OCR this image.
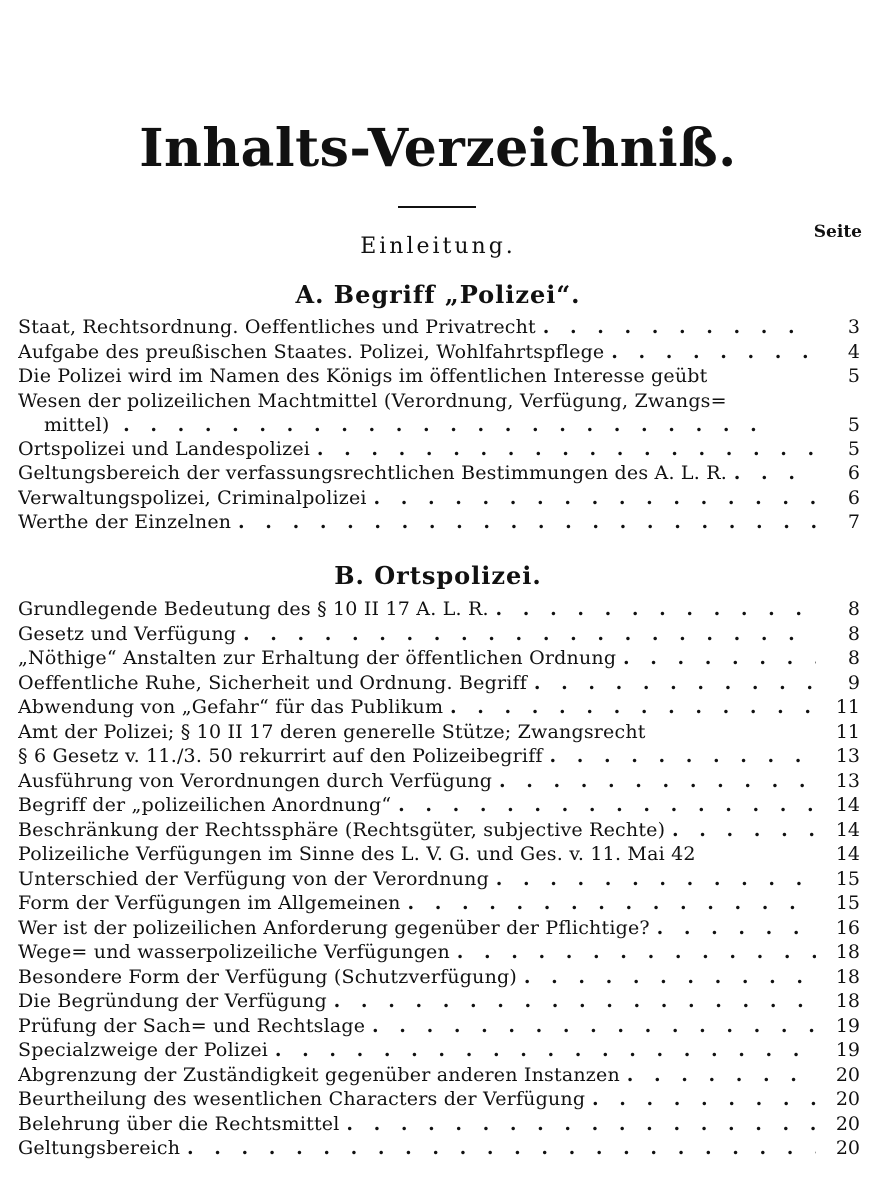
Inhalts-Verzeichniß.
Seite
Einleitung.
A. Begriff „Polizei“.
Staat, Rechtsordnung. Oeffentliches und Privatrecht . .	3
Aufgabe des preußischen Staates. Polizei, Wohlfahrtspflege . .	4
Die Polizei wird im Namen des Königs im öffentlichen Interesse geübt	5
Wesen der polizeilichen Machtmittel (Verordnung, Verfügung, Zwangs=
mittel) . .	5
Ortspolizei und Landespolizei . .	5
Geltungsbereich der verfassungsrechtlichen Bestimmungen des A. L. R. . .	6
Verwaltungspolizei, Criminalpolizei . .	6
Werthe der Einzelnen . .	7
B. Ortspolizei.
Grundlegende Bedeutung des § 10 II 17 A. L. R. . .	8
Gesetz und Verfügung . .	8
„Nöthige“ Anstalten zur Erhaltung der öffentlichen Ordnung . .	8
Oeffentliche Ruhe, Sicherheit und Ordnung. Begriff . .	9
Abwendung von „Gefahr“ für das Publikum . .	11
Amt der Polizei; § 10 II 17 deren generelle Stütze; Zwangsrecht	11
§ 6 Gesetz v. 11./3. 50 rekurrirt auf den Polizeibegriff . .	13
Ausführung von Verordnungen durch Verfügung . .	13
Begriff der „polizeilichen Anordnung“ . .	14
Beschränkung der Rechtssphäre (Rechtsgüter, subjective Rechte) . .	14
Polizeiliche Verfügungen im Sinne des L. V. G. und Ges. v. 11. Mai 42	14
Unterschied der Verfügung von der Verordnung . .	15
Form der Verfügungen im Allgemeinen . .	15
Wer ist der polizeilichen Anforderung gegenüber der Pflichtige? . .	16
Wege= und wasserpolizeiliche Verfügungen . .	18
Besondere Form der Verfügung (Schutzverfügung) . .	18
Die Begründung der Verfügung . .	18
Prüfung der Sach= und Rechtslage . .	19
Specialzweige der Polizei . .	19
Abgrenzung der Zuständigkeit gegenüber anderen Instanzen . .	20
Beurtheilung des wesentlichen Characters der Verfügung . .	20
Belehrung über die Rechtsmittel . .	20
Geltungsbereich . .	20
